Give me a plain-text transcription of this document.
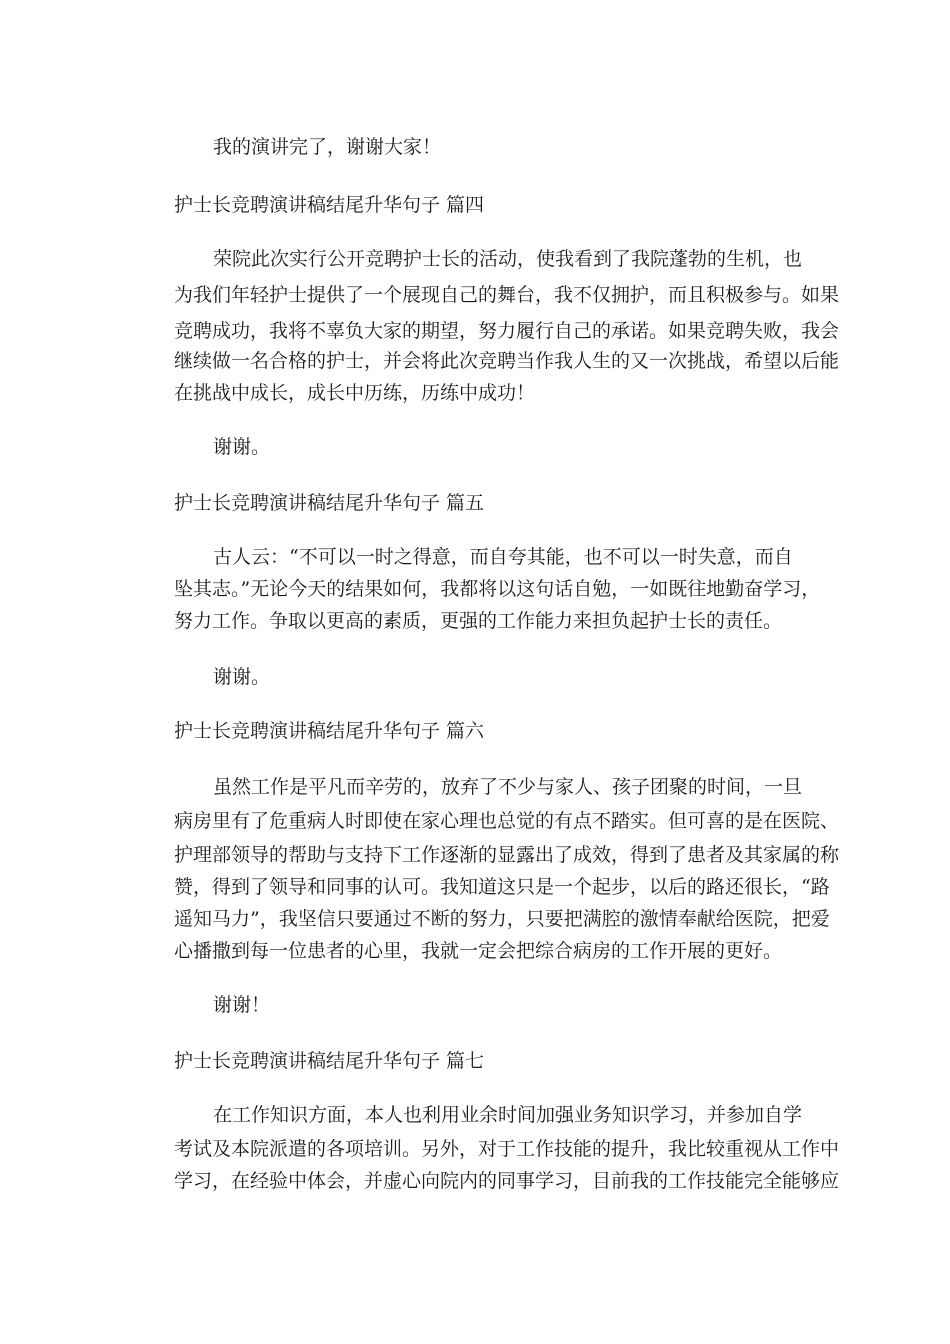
我的演讲完了，谢谢大家！
护士长竞聘演讲稿结尾升华句子 篇四
荣院此次实行公开竞聘护士长的活动，使我看到了我院蓬勃的生机，也
为我们年轻护士提供了一个展现自己的舞台，我不仅拥护，而且积极参与。如果
竞聘成功，我将不辜负大家的期望，努力履行自己的承诺。如果竞聘失败，我会
继续做一名合格的护士，并会将此次竞聘当作我人生的又一次挑战，希望以后能
在挑战中成长，成长中历练，历练中成功！
谢谢。
护士长竞聘演讲稿结尾升华句子 篇五
古人云：“不可以一时之得意，而自夸其能，也不可以一时失意，而自
坠其志。”无论今天的结果如何，我都将以这句话自勉，一如既往地勤奋学习，
努力工作。争取以更高的素质，更强的工作能力来担负起护士长的责任。
谢谢。
护士长竞聘演讲稿结尾升华句子 篇六
虽然工作是平凡而辛劳的，放弃了不少与家人、孩子团聚的时间，一旦
病房里有了危重病人时即使在家心理也总觉的有点不踏实。但可喜的是在医院、
护理部领导的帮助与支持下工作逐渐的显露出了成效，得到了患者及其家属的称
赞，得到了领导和同事的认可。我知道这只是一个起步，以后的路还很长，“路
遥知马力”，我坚信只要通过不断的努力，只要把满腔的激情奉献给医院，把爱
心播撒到每一位患者的心里，我就一定会把综合病房的工作开展的更好。
谢谢！
护士长竞聘演讲稿结尾升华句子 篇七
在工作知识方面，本人也利用业余时间加强业务知识学习，并参加自学
考试及本院派遣的各项培训。另外，对于工作技能的提升，我比较重视从工作中
学习，在经验中体会，并虚心向院内的同事学习，目前我的工作技能完全能够应
